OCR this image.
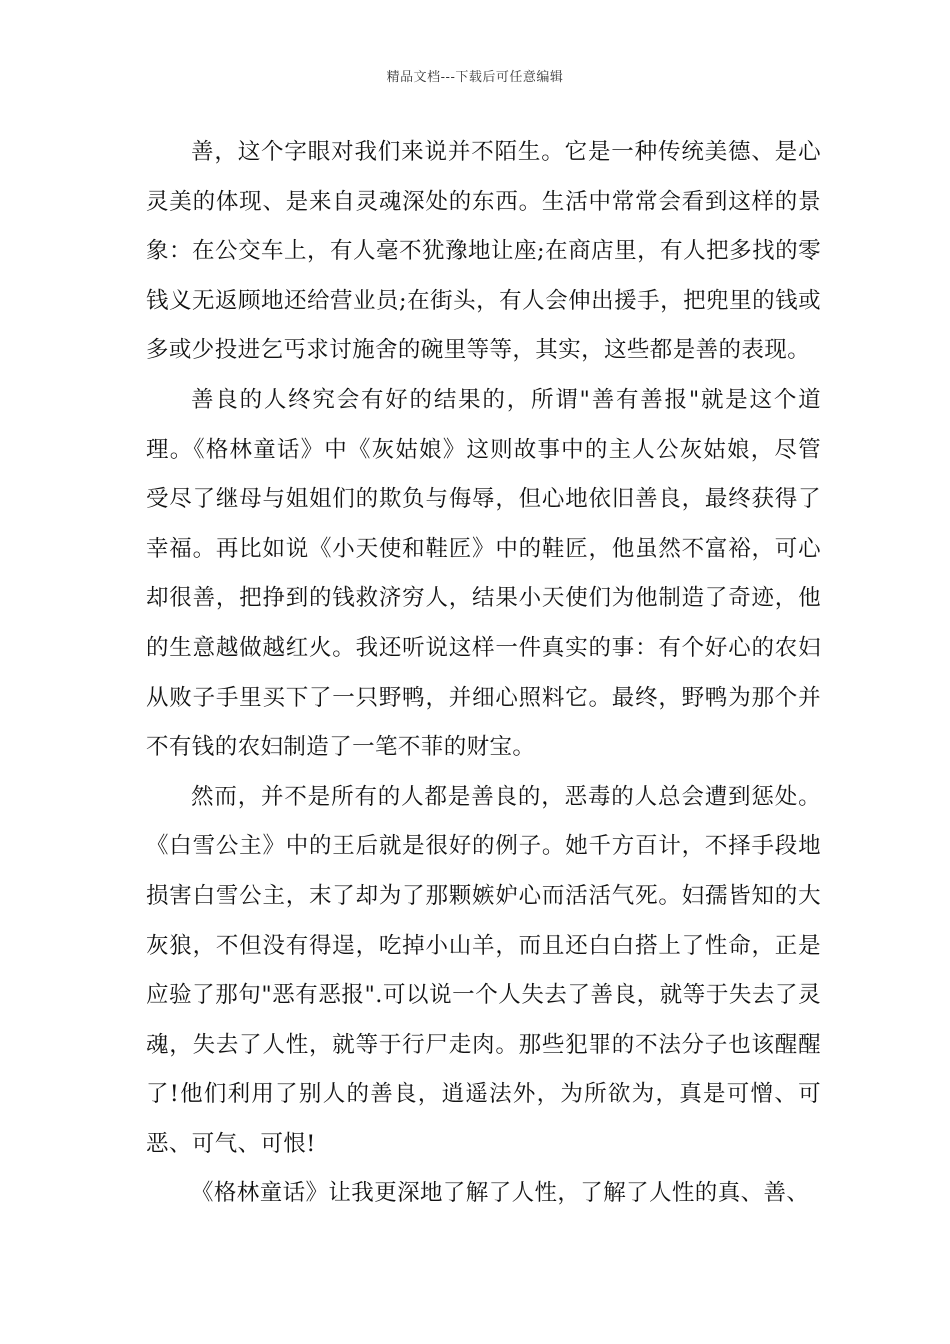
精品文档---下载后可任意编辑

善，这个字眼对我们来说并不陌生。它是一种传统美德、是心灵美的体现、是来自灵魂深处的东西。生活中常常会看到这样的景象：在公交车上，有人毫不犹豫地让座;在商店里，有人把多找的零钱义无返顾地还给营业员;在街头，有人会伸出援手，把兜里的钱或多或少投进乞丐求讨施舍的碗里等等，其实，这些都是善的表现。

善良的人终究会有好的结果的，所谓"善有善报"就是这个道理。《格林童话》中《灰姑娘》这则故事中的主人公灰姑娘，尽管受尽了继母与姐姐们的欺负与侮辱，但心地依旧善良，最终获得了幸福。再比如说《小天使和鞋匠》中的鞋匠，他虽然不富裕，可心却很善，把挣到的钱救济穷人，结果小天使们为他制造了奇迹，他的生意越做越红火。我还听说这样一件真实的事：有个好心的农妇从败子手里买下了一只野鸭，并细心照料它。最终，野鸭为那个并不有钱的农妇制造了一笔不菲的财宝。

然而，并不是所有的人都是善良的，恶毒的人总会遭到惩处。《白雪公主》中的王后就是很好的例子。她千方百计，不择手段地损害白雪公主，末了却为了那颗嫉妒心而活活气死。妇孺皆知的大灰狼，不但没有得逞，吃掉小山羊，而且还白白搭上了性命，正是应验了那句"恶有恶报".可以说一个人失去了善良，就等于失去了灵魂，失去了人性，就等于行尸走肉。那些犯罪的不法分子也该醒醒了!他们利用了别人的善良，逍遥法外，为所欲为，真是可憎、可恶、可气、可恨!

《格林童话》让我更深地了解了人性，了解了人性的真、善、
